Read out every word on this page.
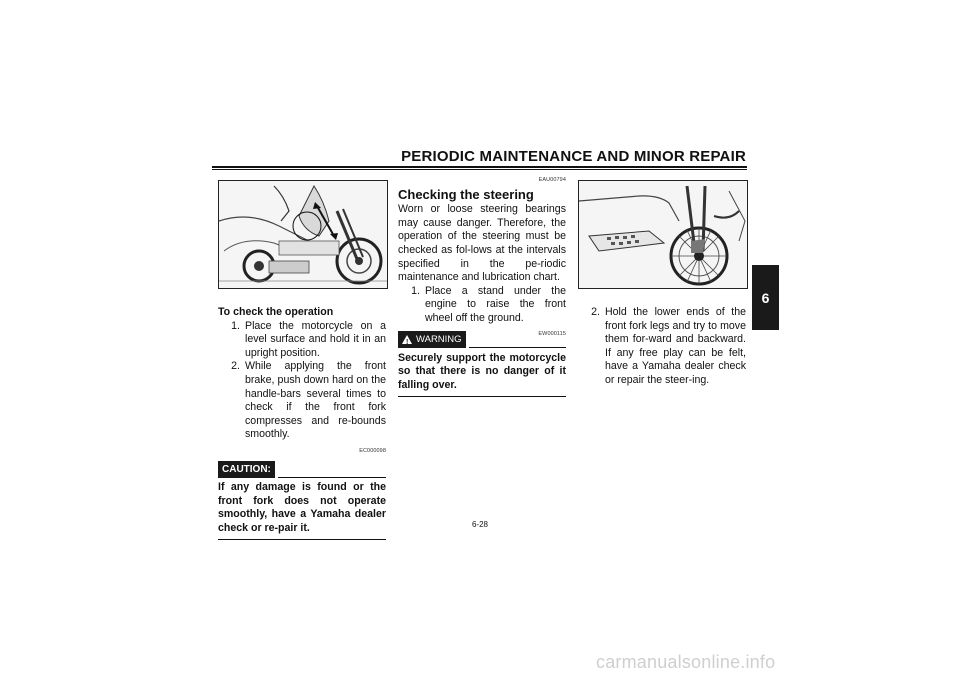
PERIODIC MAINTENANCE AND MINOR REPAIR
6
To check the operation
1. Place the motorcycle on a level surface and hold it in an upright position.
2. While applying the front brake, push down hard on the handle-bars several times to check if the front fork compresses and re-bounds smoothly.
EC000098
CAUTION:
If any damage is found or the front fork does not operate smoothly, have a Yamaha dealer check or re-pair it.
EAU00794
Checking the steering
Worn or loose steering bearings may cause danger. Therefore, the operation of the steering must be checked as fol-lows at the intervals specified in the pe-riodic maintenance and lubrication chart.
1. Place a stand under the engine to raise the front wheel off the ground.
! WARNING	EW000115
Securely support the motorcycle so that there is no danger of it falling over.
2. Hold the lower ends of the front fork legs and try to move them for-ward and backward. If any free play can be felt, have a Yamaha dealer check or repair the steer-ing.
6-28
carmanualsonline.info
